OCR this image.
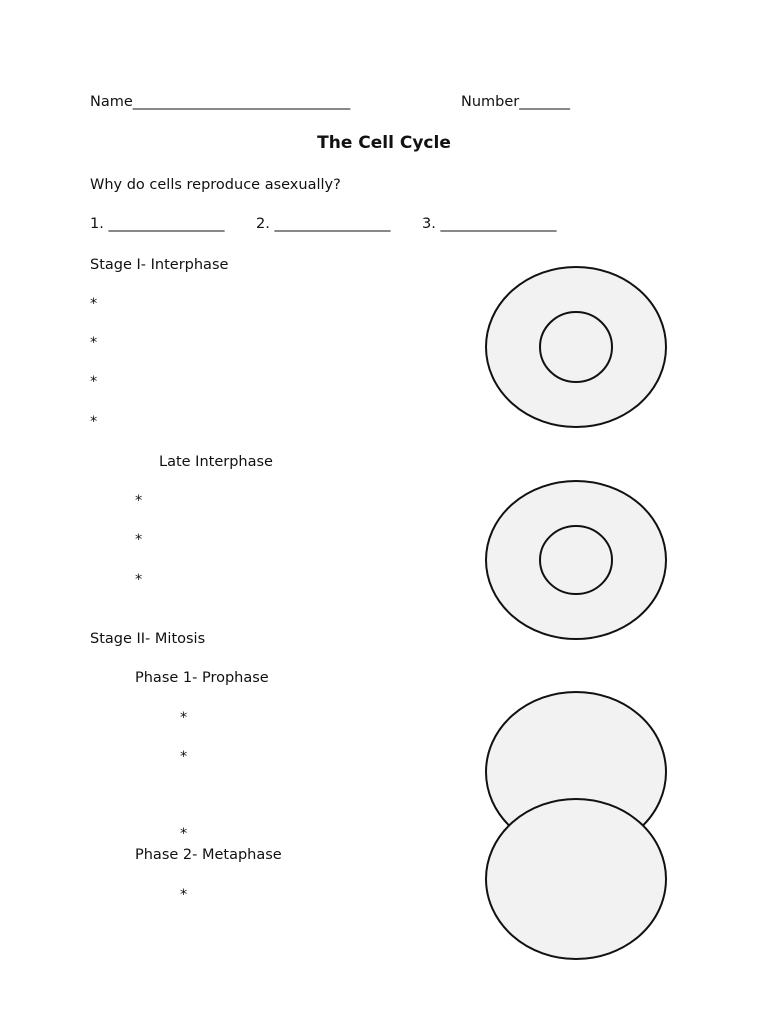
Name______________________________	Number_______
The Cell Cycle
Why do cells reproduce asexually?
1. ________________ 2. ________________ 3. ________________
Stage I- Interphase
*
*
*
*
Late Interphase
*
*
*
Stage II- Mitosis
Phase 1- Prophase
*
*
*
Phase 2- Metaphase
*
